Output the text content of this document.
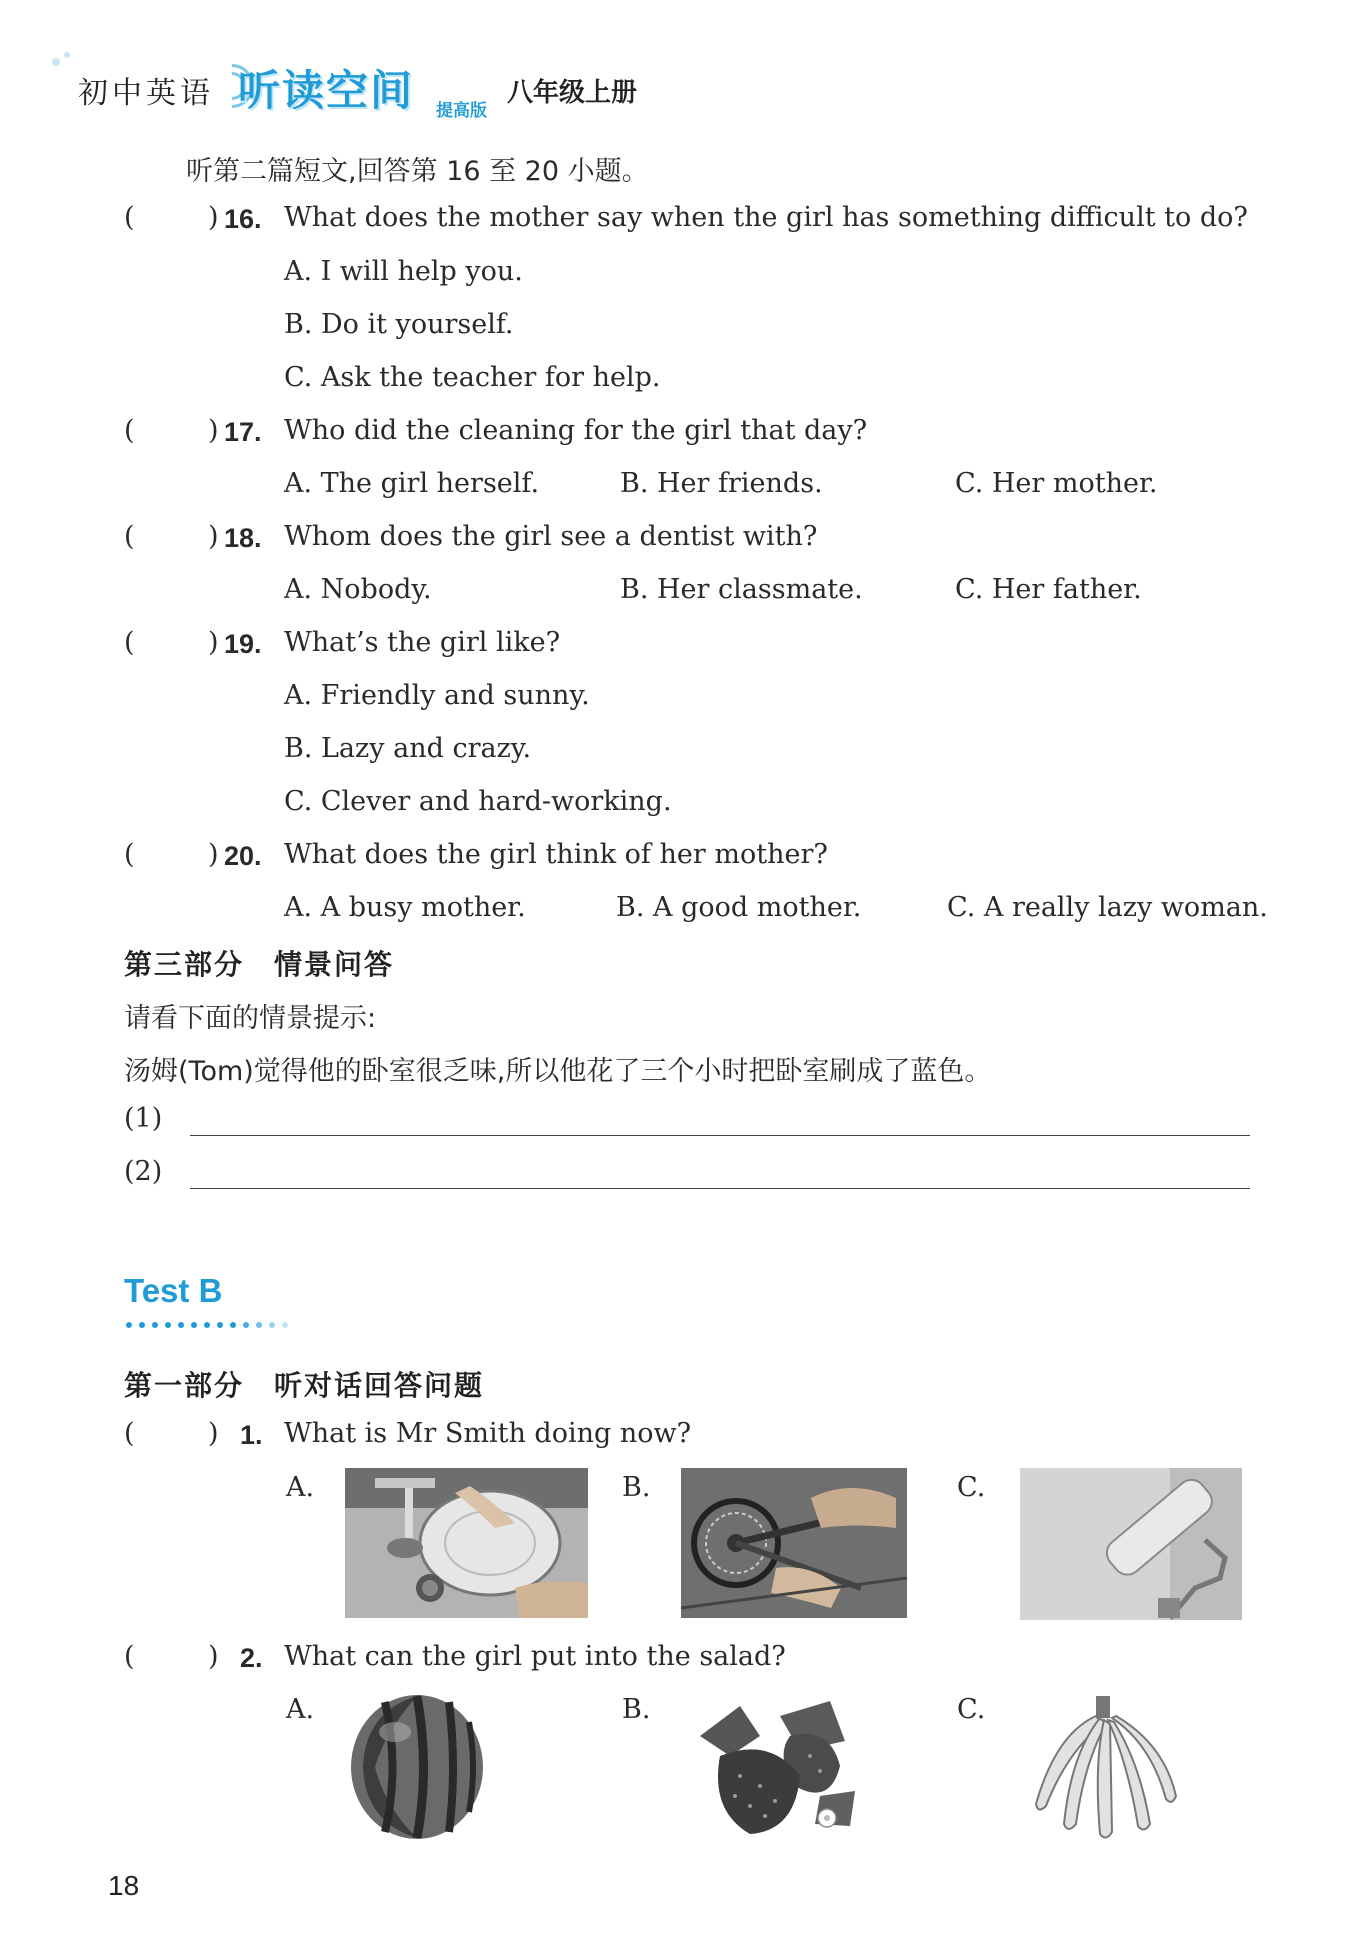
初中英语 听读空间 提高版
八年级上册
听第二篇短文,回答第 16 至 20 小题。
(	) 16. What does the mother say when the girl has something difficult to do?
A. I will help you.
B. Do it yourself.
C. Ask the teacher for help.
(	) 17. Who did the cleaning for the girl that day?
A. The girl herself.	B. Her friends.	C. Her mother.
(	) 18. Whom does the girl see a dentist with?
A. Nobody.	B. Her classmate.	C. Her father.
(	) 19. What’s the girl like?
A. Friendly and sunny.
B. Lazy and crazy.
C. Clever and hard-working.
(	) 20. What does the girl think of her mother?
A. A busy mother.	B. A good mother.	C. A really lazy woman.
第三部分　情景问答
请看下面的情景提示:
汤姆(Tom)觉得他的卧室很乏味,所以他花了三个小时把卧室刷成了蓝色。
(1)
(2)
Test B
第一部分　听对话回答问题
(	) 1. What is Mr Smith doing now?
A.	B.	C.
(	) 2. What can the girl put into the salad?
A.	B.	C.
18
